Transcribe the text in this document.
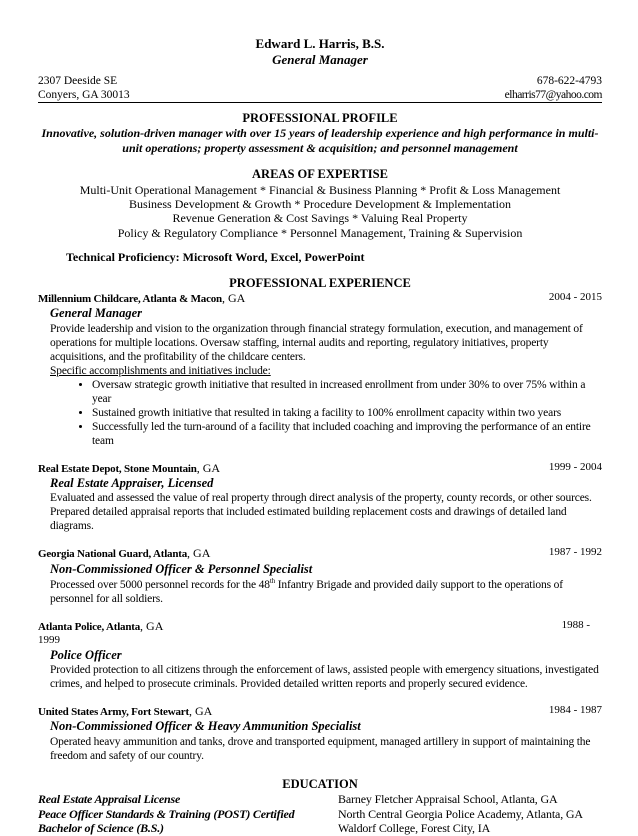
Edward L. Harris, B.S.
General Manager
2307 Deeside SE	678-622-4793
Conyers, GA 30013	elharris77@yahoo.com
PROFESSIONAL PROFILE
Innovative, solution-driven manager with over 15 years of leadership experience and high performance in multi-unit operations; property assessment & acquisition; and personnel management
AREAS OF EXPERTISE
Multi-Unit Operational Management * Financial & Business Planning * Profit & Loss Management
Business Development & Growth * Procedure Development & Implementation
Revenue Generation & Cost Savings * Valuing Real Property
Policy & Regulatory Compliance * Personnel Management, Training & Supervision
Technical Proficiency: Microsoft Word, Excel, PowerPoint
PROFESSIONAL EXPERIENCE
Millennium Childcare, Atlanta & Macon, GA	2004 - 2015
General Manager
Provide leadership and vision to the organization through financial strategy formulation, execution, and management of operations for multiple locations. Oversaw staffing, internal audits and reporting, regulatory initiatives, property acquisitions, and the profitability of the childcare centers.
Specific accomplishments and initiatives include:
• Oversaw strategic growth initiative that resulted in increased enrollment from under 30% to over 75% within a year
• Sustained growth initiative that resulted in taking a facility to 100% enrollment capacity within two years
• Successfully led the turn-around of a facility that included coaching and improving the performance of an entire team
Real Estate Depot, Stone Mountain, GA	1999 - 2004
Real Estate Appraiser, Licensed
Evaluated and assessed the value of real property through direct analysis of the property, county records, or other sources. Prepared detailed appraisal reports that included estimated building replacement costs and drawings of detailed land diagrams.
Georgia National Guard, Atlanta, GA	1987 - 1992
Non-Commissioned Officer & Personnel Specialist
Processed over 5000 personnel records for the 48th Infantry Brigade and provided daily support to the operations of personnel for all soldiers.
Atlanta Police, Atlanta, GA	1988 -
1999
Police Officer
Provided protection to all citizens through the enforcement of laws, assisted people with emergency situations, investigated crimes, and helped to prosecute criminals. Provided detailed written reports and properly secured evidence.
United States Army, Fort Stewart, GA	1984 - 1987
Non-Commissioned Officer & Heavy Ammunition Specialist
Operated heavy ammunition and tanks, drove and transported equipment, managed artillery in support of maintaining the freedom and safety of our country.
EDUCATION
Real Estate Appraisal License	Barney Fletcher Appraisal School, Atlanta, GA
Peace Officer Standards & Training (POST) Certified	North Central Georgia Police Academy, Atlanta, GA
Bachelor of Science (B.S.)	Waldorf College, Forest City, IA
